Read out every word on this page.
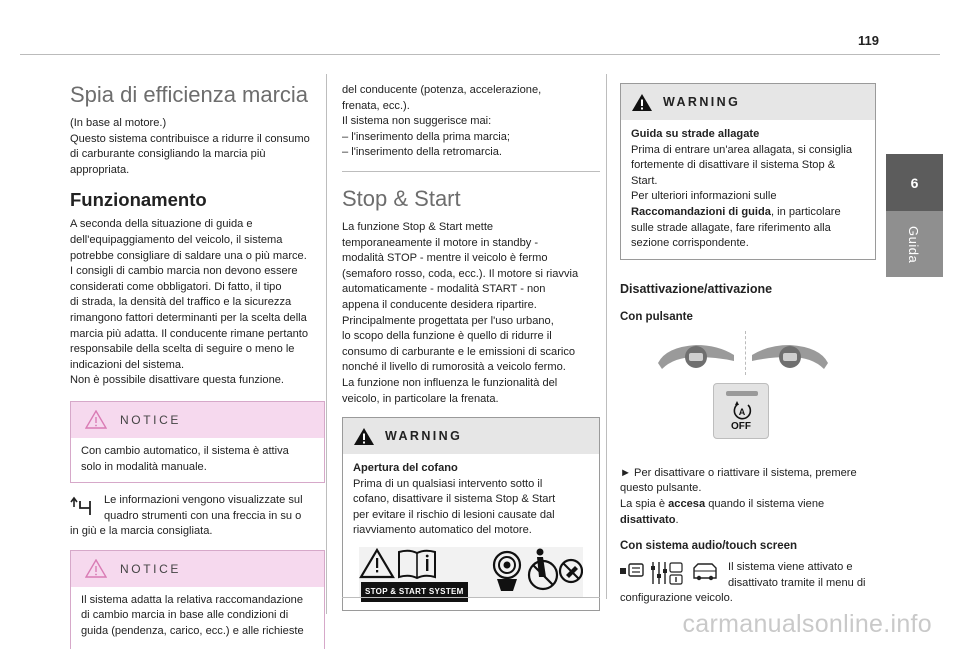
119
6
Guida
Spia di efficienza marcia
(In base al motore.)
Questo sistema contribuisce a ridurre il consumo
di carburante consigliando la marcia più
appropriata.
Funzionamento
A seconda della situazione di guida e
dell'equipaggiamento del veicolo, il sistema
potrebbe consigliare di saldare una o più marce.
I consigli di cambio marcia non devono essere
considerati come obbligatori. Di fatto, il tipo
di strada, la densità del traffico e la sicurezza
rimangono fattori determinanti per la scelta della
marcia più adatta. Il conducente rimane pertanto
responsabile della scelta di seguire o meno le
indicazioni del sistema.
Non è possibile disattivare questa funzione.
NOTICE
Con cambio automatico, il sistema è attiva
solo in modalità manuale.
Le informazioni vengono visualizzate sul
quadro strumenti con una freccia in su o
in giù e la marcia consigliata.
NOTICE
Il sistema adatta la relativa raccomandazione
di cambio marcia in base alle condizioni di
guida (pendenza, carico, ecc.) e alle richieste
del conducente (potenza, accelerazione,
frenata, ecc.).
Il sistema non suggerisce mai:
– l'inserimento della prima marcia;
– l'inserimento della retromarcia.
Stop & Start
La funzione Stop & Start mette
temporaneamente il motore in standby -
modalità STOP - mentre il veicolo è fermo
(semaforo rosso, coda, ecc.). Il motore si riavvia
automaticamente - modalità START - non
appena il conducente desidera ripartire.
Principalmente progettata per l'uso urbano,
lo scopo della funzione è quello di ridurre il
consumo di carburante e le emissioni di scarico
nonché il livello di rumorosità a veicolo fermo.
La funzione non influenza le funzionalità del
veicolo, in particolare la frenata.
WARNING
Apertura del cofano
Prima di un qualsiasi intervento sotto il
cofano, disattivare il sistema Stop & Start
per evitare il rischio di lesioni causate dal
riavviamento automatico del motore.
STOP & START SYSTEM
WARNING
Guida su strade allagate
Prima di entrare un'area allagata, si consiglia
fortemente di disattivare il sistema Stop &
Start.
Per ulteriori informazioni sulle
Raccomandazioni di guida, in particolare
sulle strade allagate, fare riferimento alla
sezione corrispondente.
Disattivazione/attivazione
Con pulsante
A
OFF
► Per disattivare o riattivare il sistema, premere
questo pulsante.
La spia è accesa quando il sistema viene
disattivato.
Con sistema audio/touch screen
Il sistema viene attivato e
disattivato tramite il menu di
configurazione veicolo.
carmanualsonline.info
